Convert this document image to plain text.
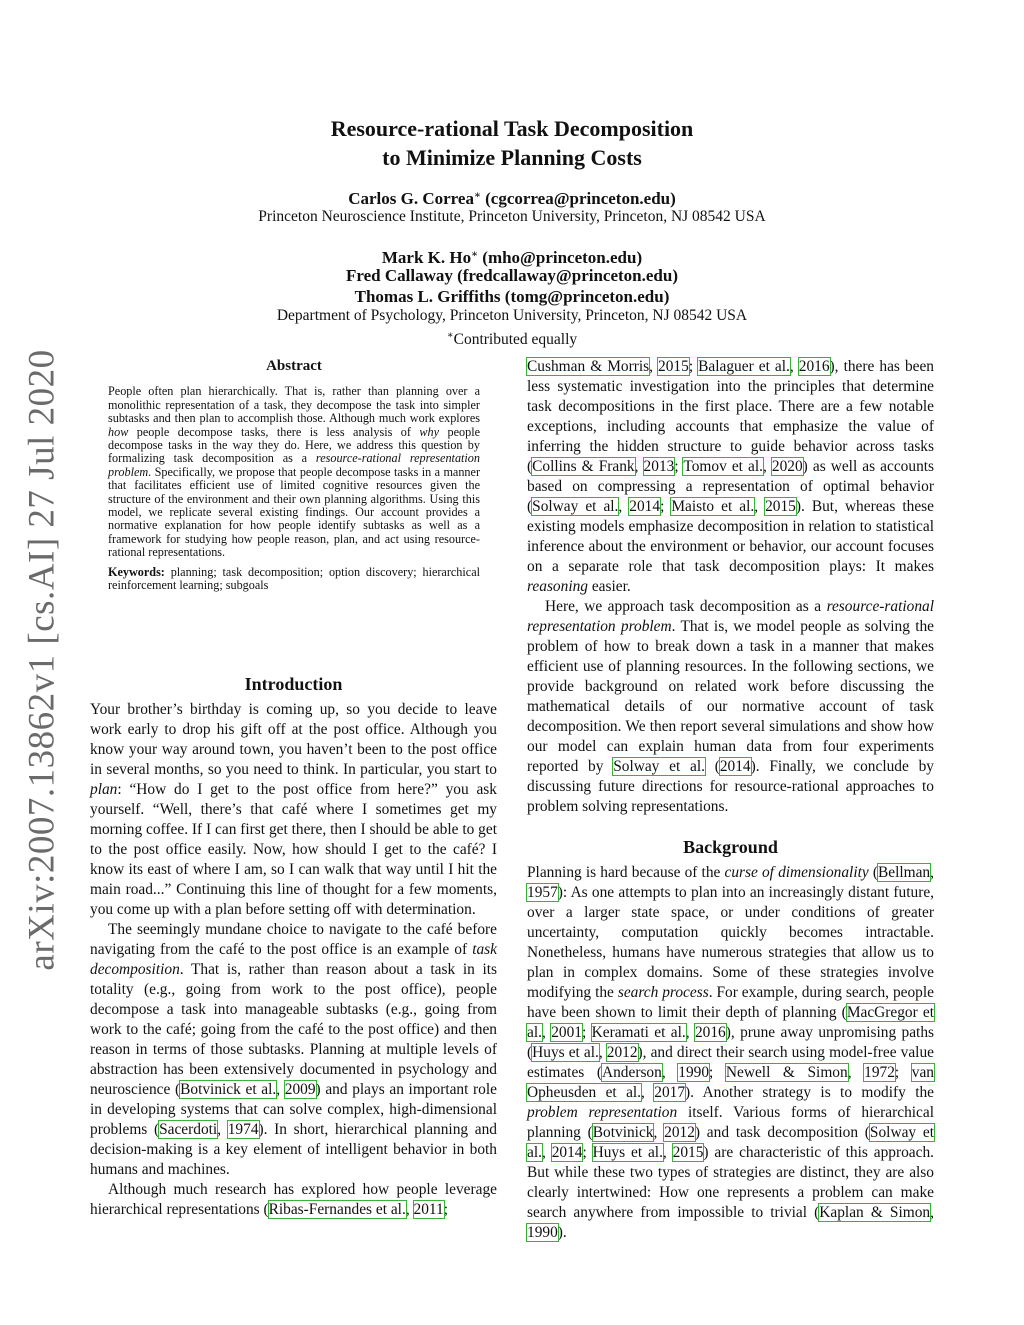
arXiv:2007.13862v1 [cs.AI] 27 Jul 2020
Resource-rational Task Decomposition
to Minimize Planning Costs
Carlos G. Correa∗ (cgcorrea@princeton.edu)
Princeton Neuroscience Institute, Princeton University, Princeton, NJ 08542 USA
Mark K. Ho∗ (mho@princeton.edu)
Fred Callaway (fredcallaway@princeton.edu)
Thomas L. Griffiths (tomg@princeton.edu)
Department of Psychology, Princeton University, Princeton, NJ 08542 USA
∗Contributed equally
Abstract

People often plan hierarchically. That is, rather than planning over a monolithic representation of a task, they decompose the task into simpler subtasks and then plan to accomplish those. Although much work explores how people decompose tasks, there is less analysis of why people decompose tasks in the way they do. Here, we address this question by formalizing task decomposition as a resource-rational representation problem. Specifically, we propose that people decompose tasks in a manner that facilitates efficient use of limited cognitive resources given the structure of the environment and their own planning algorithms. Using this model, we replicate several existing findings. Our account provides a normative explanation for how people identify subtasks as well as a framework for studying how people reason, plan, and act using resource-rational representations.

Keywords: planning; task decomposition; option discovery; hierarchical reinforcement learning; subgoals

Introduction

Your brother’s birthday is coming up, so you decide to leave work early to drop his gift off at the post office. Although you know your way around town, you haven’t been to the post office in several months, so you need to think. In particular, you start to plan: “How do I get to the post office from here?” you ask yourself. “Well, there’s that café where I sometimes get my morning coffee. If I can first get there, then I should be able to get to the post office easily. Now, how should I get to the café? I know its east of where I am, so I can walk that way until I hit the main road...” Continuing this line of thought for a few moments, you come up with a plan before setting off with determination.

The seemingly mundane choice to navigate to the café before navigating from the café to the post office is an example of task decomposition. That is, rather than reason about a task in its totality (e.g., going from work to the post office), people decompose a task into manageable subtasks (e.g., going from work to the café; going from the café to the post office) and then reason in terms of those subtasks. Planning at multiple levels of abstraction has been extensively documented in psychology and neuroscience (Botvinick et al., 2009) and plays an important role in developing systems that can solve complex, high-dimensional problems (Sacerdoti, 1974). In short, hierarchical planning and decision-making is a key element of intelligent behavior in both humans and machines.

Although much research has explored how people leverage hierarchical representations (Ribas-Fernandes et al., 2011;

Cushman & Morris, 2015; Balaguer et al., 2016), there has been less systematic investigation into the principles that determine task decompositions in the first place. There are a few notable exceptions, including accounts that emphasize the value of inferring the hidden structure to guide behavior across tasks (Collins & Frank, 2013; Tomov et al., 2020) as well as accounts based on compressing a representation of optimal behavior (Solway et al., 2014; Maisto et al., 2015). But, whereas these existing models emphasize decomposition in relation to statistical inference about the environment or behavior, our account focuses on a separate role that task decomposition plays: It makes reasoning easier.

Here, we approach task decomposition as a resource-rational representation problem. That is, we model people as solving the problem of how to break down a task in a manner that makes efficient use of planning resources. In the following sections, we provide background on related work before discussing the mathematical details of our normative account of task decomposition. We then report several simulations and show how our model can explain human data from four experiments reported by Solway et al. (2014). Finally, we conclude by discussing future directions for resource-rational approaches to problem solving representations.

Background

Planning is hard because of the curse of dimensionality (Bellman, 1957): As one attempts to plan into an increasingly distant future, over a larger state space, or under conditions of greater uncertainty, computation quickly becomes intractable. Nonetheless, humans have numerous strategies that allow us to plan in complex domains. Some of these strategies involve modifying the search process. For example, during search, people have been shown to limit their depth of planning (MacGregor et al., 2001; Keramati et al., 2016), prune away unpromising paths (Huys et al., 2012), and direct their search using model-free value estimates (Anderson, 1990; Newell & Simon, 1972; van Opheusden et al., 2017). Another strategy is to modify the problem representation itself. Various forms of hierarchical planning (Botvinick, 2012) and task decomposition (Solway et al., 2014; Huys et al., 2015) are characteristic of this approach. But while these two types of strategies are distinct, they are also clearly intertwined: How one represents a problem can make search anywhere from impossible to trivial (Kaplan & Simon, 1990).
